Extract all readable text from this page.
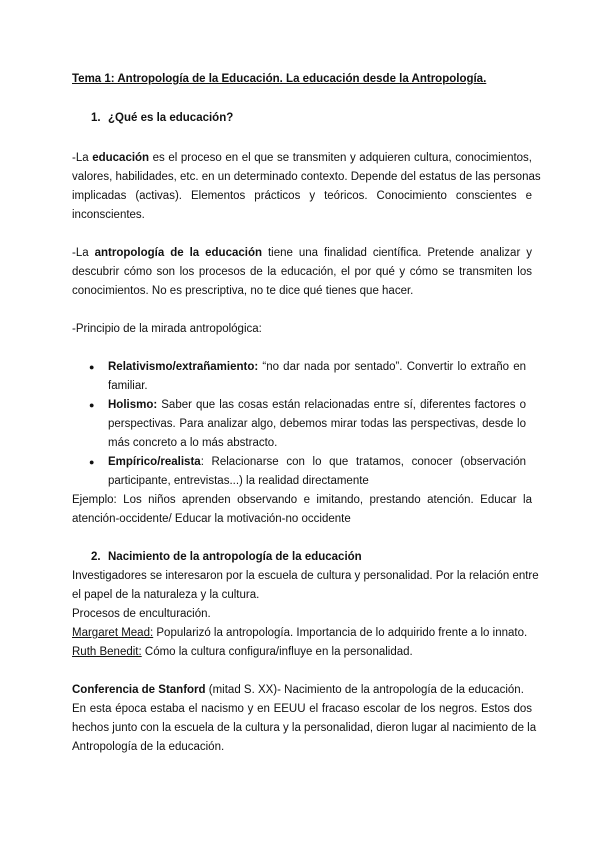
Tema 1: Antropología de la Educación. La educación desde la Antropología.
1. ¿Qué es la educación?
-La educación es el proceso en el que se transmiten y adquieren cultura, conocimientos,
valores, habilidades, etc. en un determinado contexto. Depende del estatus de las personas
implicadas (activas). Elementos prácticos y teóricos. Conocimiento conscientes e
inconscientes.
-La antropología de la educación tiene una finalidad científica. Pretende analizar y
descubrir cómo son los procesos de la educación, el por qué y cómo se transmiten los
conocimientos. No es prescriptiva, no te dice qué tienes que hacer.
-Principio de la mirada antropológica:
● Relativismo/extrañamiento: “no dar nada por sentado”. Convertir lo extraño en
familiar.
● Holismo: Saber que las cosas están relacionadas entre sí, diferentes factores o
perspectivas. Para analizar algo, debemos mirar todas las perspectivas, desde lo
más concreto a lo más abstracto.
● Empírico/realista: Relacionarse con lo que tratamos, conocer (observación
participante, entrevistas...) la realidad directamente
Ejemplo: Los niños aprenden observando e imitando, prestando atención. Educar la
atención-occidente/ Educar la motivación-no occidente
2. Nacimiento de la antropología de la educación
Investigadores se interesaron por la escuela de cultura y personalidad. Por la relación entre
el papel de la naturaleza y la cultura.
Procesos de enculturación.
Margaret Mead: Popularizó la antropología. Importancia de lo adquirido frente a lo innato.
Ruth Benedit: Cómo la cultura configura/influye en la personalidad.
Conferencia de Stanford (mitad S. XX)- Nacimiento de la antropología de la educación.
En esta época estaba el nacismo y en EEUU el fracaso escolar de los negros. Estos dos
hechos junto con la escuela de la cultura y la personalidad, dieron lugar al nacimiento de la
Antropología de la educación.
